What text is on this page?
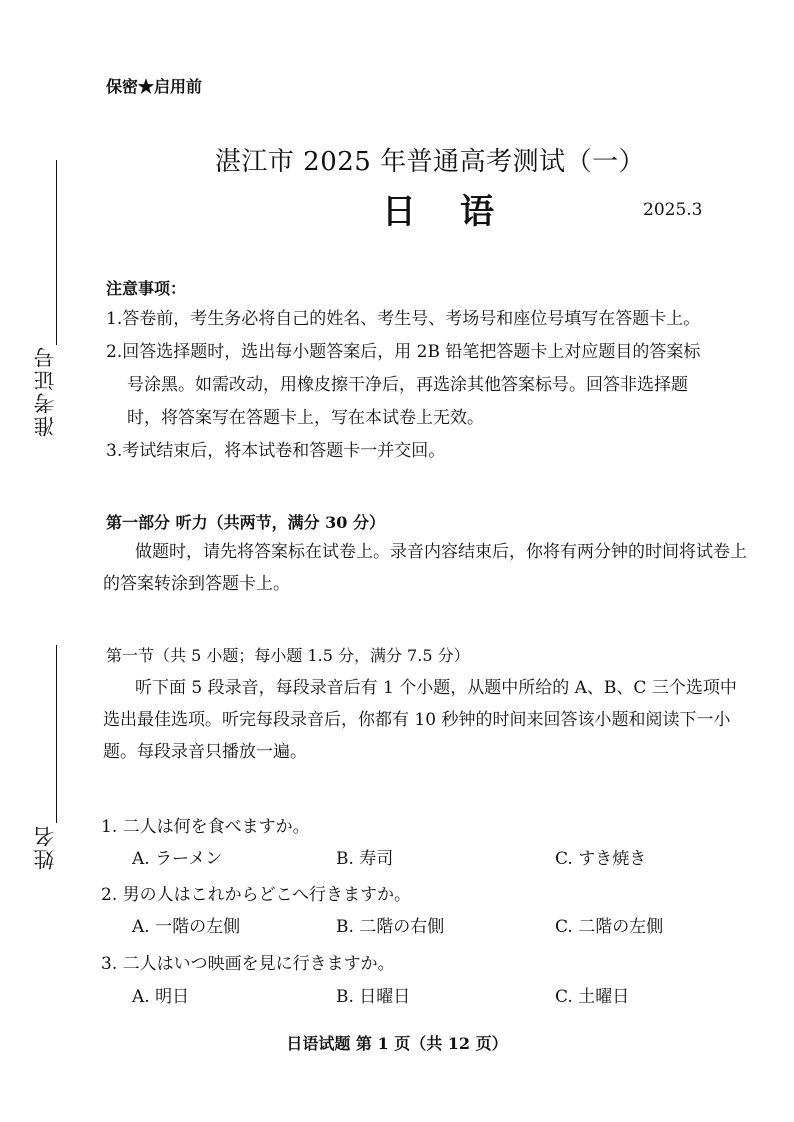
准考证号
姓名
保密★启用前
湛江市 2025 年普通高考测试（一）
日语	2025.3
注意事项：
1.答卷前，考生务必将自己的姓名、考生号、考场号和座位号填写在答题卡上。
2.回答选择题时，选出每小题答案后，用 2B 铅笔把答题卡上对应题目的答案标
号涂黑。如需改动，用橡皮擦干净后，再选涂其他答案标号。回答非选择题
时，将答案写在答题卡上，写在本试卷上无效。
3.考试结束后，将本试卷和答题卡一并交回。
第一部分 听力（共两节，满分 30 分）
做题时，请先将答案标在试卷上。录音内容结束后，你将有两分钟的时间将试卷上的答案转涂到答题卡上。
第一节（共 5 小题；每小题 1.5 分，满分 7.5 分）
听下面 5 段录音，每段录音后有 1 个小题，从题中所给的 A、B、C 三个选项中选出最佳选项。听完每段录音后，你都有 10 秒钟的时间来回答该小题和阅读下一小题。每段录音只播放一遍。
1. 二人は何を食べますか。
A. ラーメン	B. 寿司	C. すき焼き
2. 男の人はこれからどこへ行きますか。
A. 一階の左側	B. 二階の右側	C. 二階の左側
3. 二人はいつ映画を見に行きますか。
A. 明日	B. 日曜日	C. 土曜日
日语试题 第 1 页（共 12 页）
